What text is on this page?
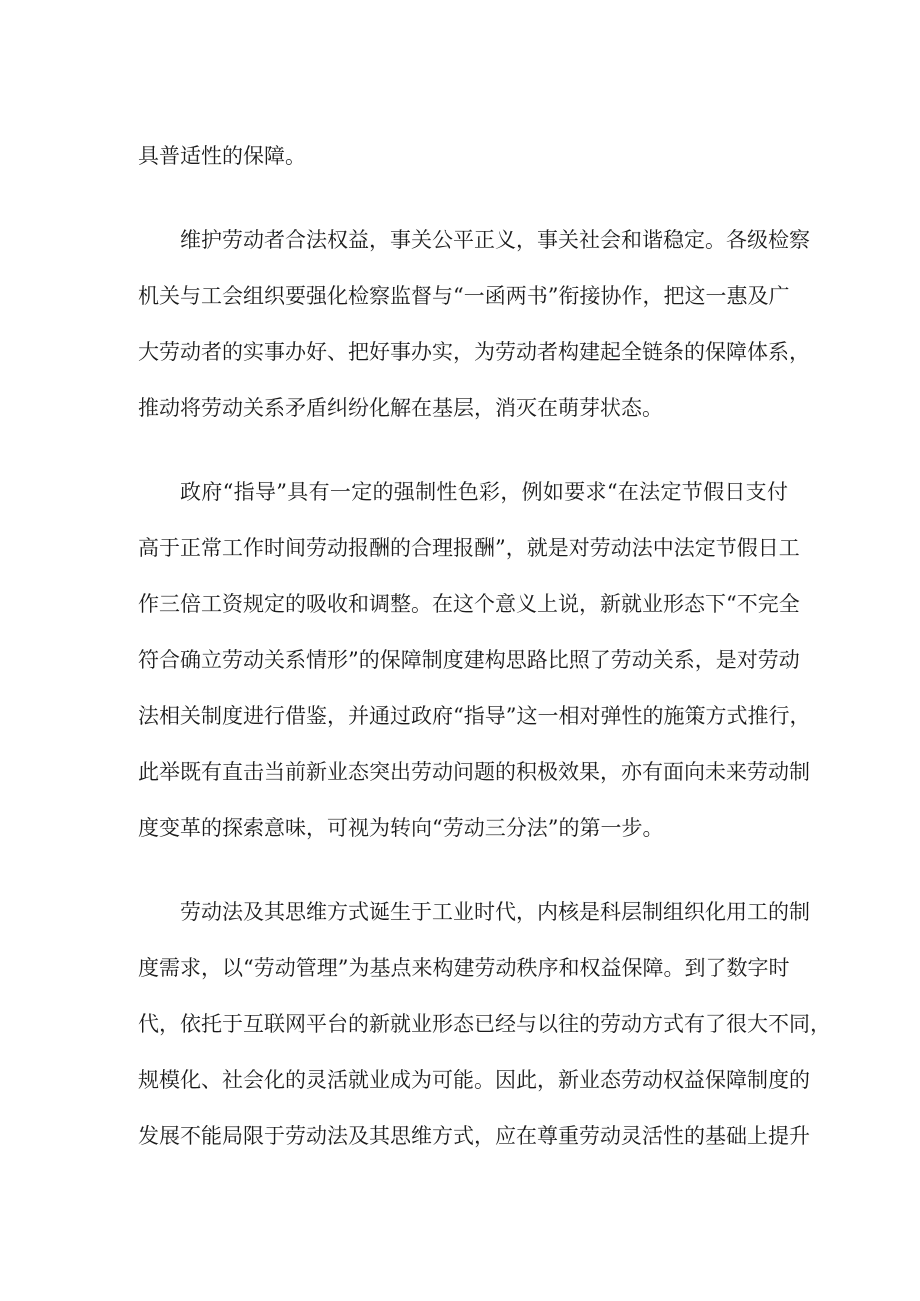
具普适性的保障。
维护劳动者合法权益，事关公平正义，事关社会和谐稳定。各级检察
机关与工会组织要强化检察监督与“一函两书”衔接协作，把这一惠及广
大劳动者的实事办好、把好事办实，为劳动者构建起全链条的保障体系，
推动将劳动关系矛盾纠纷化解在基层，消灭在萌芽状态。
政府“指导”具有一定的强制性色彩，例如要求“在法定节假日支付
高于正常工作时间劳动报酬的合理报酬”，就是对劳动法中法定节假日工
作三倍工资规定的吸收和调整。在这个意义上说，新就业形态下“不完全
符合确立劳动关系情形”的保障制度建构思路比照了劳动关系，是对劳动
法相关制度进行借鉴，并通过政府“指导”这一相对弹性的施策方式推行，
此举既有直击当前新业态突出劳动问题的积极效果，亦有面向未来劳动制
度变革的探索意味，可视为转向“劳动三分法”的第一步。
劳动法及其思维方式诞生于工业时代，内核是科层制组织化用工的制
度需求，以“劳动管理”为基点来构建劳动秩序和权益保障。到了数字时
代，依托于互联网平台的新就业形态已经与以往的劳动方式有了很大不同，
规模化、社会化的灵活就业成为可能。因此，新业态劳动权益保障制度的
发展不能局限于劳动法及其思维方式，应在尊重劳动灵活性的基础上提升
